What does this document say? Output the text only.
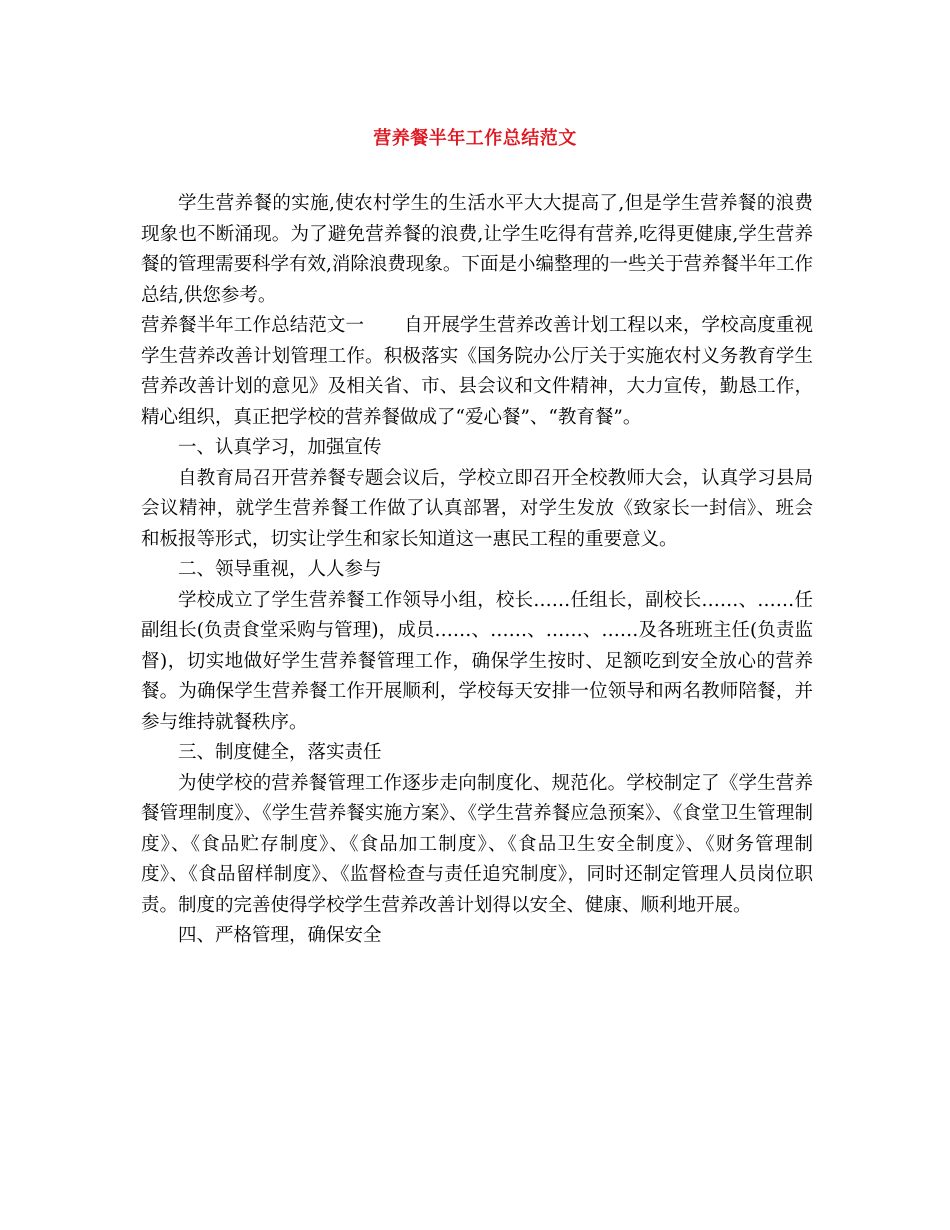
营养餐半年工作总结范文

学生营养餐的实施,使农村学生的生活水平大大提高了,但是学生营养餐的浪费现象也不断涌现。为了避免营养餐的浪费,让学生吃得有营养,吃得更健康,学生营养餐的管理需要科学有效,消除浪费现象。下面是小编整理的一些关于营养餐半年工作总结,供您参考。

营养餐半年工作总结范文一 自开展学生营养改善计划工程以来，学校高度重视学生营养改善计划管理工作。积极落实《国务院办公厅关于实施农村义务教育学生营养改善计划的意见》及相关省、市、县会议和文件精神，大力宣传，勤恳工作，精心组织，真正把学校的营养餐做成了“爱心餐”、“教育餐”。

一、认真学习，加强宣传

自教育局召开营养餐专题会议后，学校立即召开全校教师大会，认真学习县局会议精神，就学生营养餐工作做了认真部署，对学生发放《致家长一封信》、班会和板报等形式，切实让学生和家长知道这一惠民工程的重要意义。

二、领导重视，人人参与

学校成立了学生营养餐工作领导小组，校长……任组长，副校长……、……任副组长(负责食堂采购与管理)，成员……、……、……、……及各班班主任(负责监督)，切实地做好学生营养餐管理工作，确保学生按时、足额吃到安全放心的营养餐。为确保学生营养餐工作开展顺利，学校每天安排一位领导和两名教师陪餐，并参与维持就餐秩序。

三、制度健全，落实责任

为使学校的营养餐管理工作逐步走向制度化、规范化。学校制定了《学生营养餐管理制度》、《学生营养餐实施方案》、《学生营养餐应急预案》、《食堂卫生管理制度》、《食品贮存制度》、《食品加工制度》、《食品卫生安全制度》、《财务管理制度》、《食品留样制度》、《监督检查与责任追究制度》，同时还制定管理人员岗位职责。制度的完善使得学校学生营养改善计划得以安全、健康、顺利地开展。

四、严格管理，确保安全
